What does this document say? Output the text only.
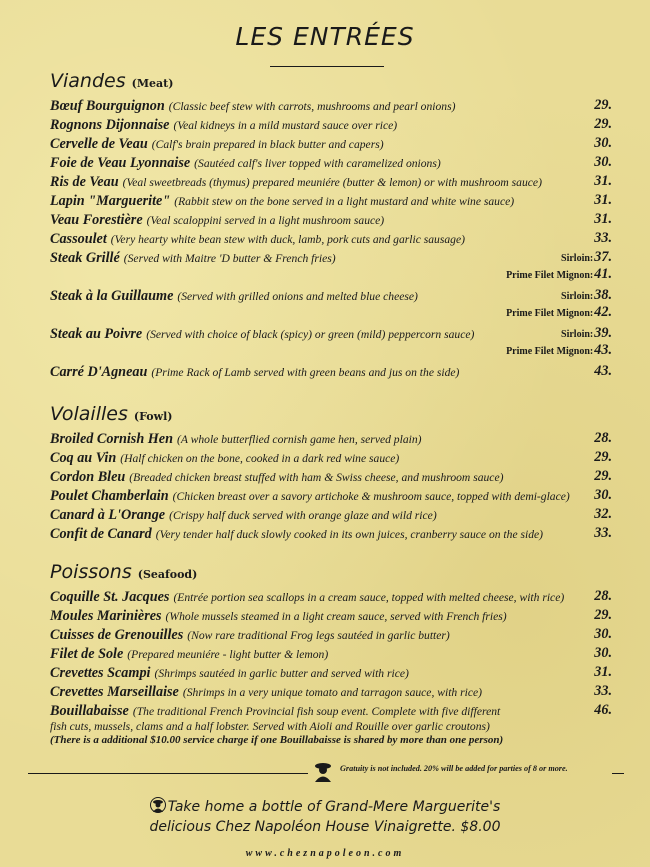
LES ENTRÉES
Viandes (Meat)
Bœuf Bourguignon (Classic beef stew with carrots, mushrooms and pearl onions)	29.
Rognons Dijonnaise (Veal kidneys in a mild mustard sauce over rice)	29.
Cervelle de Veau (Calf's brain prepared in black butter and capers)	30.
Foie de Veau Lyonnaise (Sautéed calf's liver topped with caramelized onions)	30.
Ris de Veau (Veal sweetbreads (thymus) prepared meuniére (butter & lemon) or with mushroom sauce)	31.
Lapin "Marguerite" (Rabbit stew on the bone served in a light mustard and white wine sauce)	31.
Veau Forestière (Veal scaloppini served in a light mushroom sauce)	31.
Cassoulet (Very hearty white bean stew with duck, lamb, pork cuts and garlic sausage)	33.
Steak Grillé (Served with Maitre 'D butter & French fries)	Sirloin:37.
Prime Filet Mignon:41.
Steak à la Guillaume (Served with grilled onions and melted blue cheese)	Sirloin:38.
Prime Filet Mignon:42.
Steak au Poivre (Served with choice of black (spicy) or green (mild) peppercorn sauce)	Sirloin:39.
Prime Filet Mignon:43.
Carré D'Agneau (Prime Rack of Lamb served with green beans and jus on the side)	43.
Volailles (Fowl)
Broiled Cornish Hen (A whole butterflied cornish game hen, served plain)	28.
Coq au Vin (Half chicken on the bone, cooked in a dark red wine sauce)	29.
Cordon Bleu (Breaded chicken breast stuffed with ham & Swiss cheese, and mushroom sauce)	29.
Poulet Chamberlain (Chicken breast over a savory artichoke & mushroom sauce, topped with demi-glace) 30.
Canard à L'Orange (Crispy half duck served with orange glaze and wild rice)	32.
Confit de Canard (Very tender half duck slowly cooked in its own juices, cranberry sauce on the side)	33.
Poissons (Seafood)
Coquille St. Jacques (Entrée portion sea scallops in a cream sauce, topped with melted cheese, with rice) 28.
Moules Marinières (Whole mussels steamed in a light cream sauce, served with French fries)	29.
Cuisses de Grenouilles (Now rare traditional Frog legs sautéed in garlic butter)	30.
Filet de Sole (Prepared meuniére - light butter & lemon)	30.
Crevettes Scampi (Shrimps sautéed in garlic butter and served with rice)	31.
Crevettes Marseillaise (Shrimps in a very unique tomato and tarragon sauce, with rice)	33.
Bouillabaisse (The traditional French Provincial fish soup event. Complete with five different	46.
fish cuts, mussels, clams and a half lobster. Served with Aioli and Rouille over garlic croutons)
(There is a additional $10.00 service charge if one Bouillabaisse is shared by more than one person)
Gratuity is not included. 20% will be added for parties of 8 or more.
Take home a bottle of Grand-Mere Marguerite's
delicious Chez Napoléon House Vinaigrette. $8.00
www.cheznapoleon.com
